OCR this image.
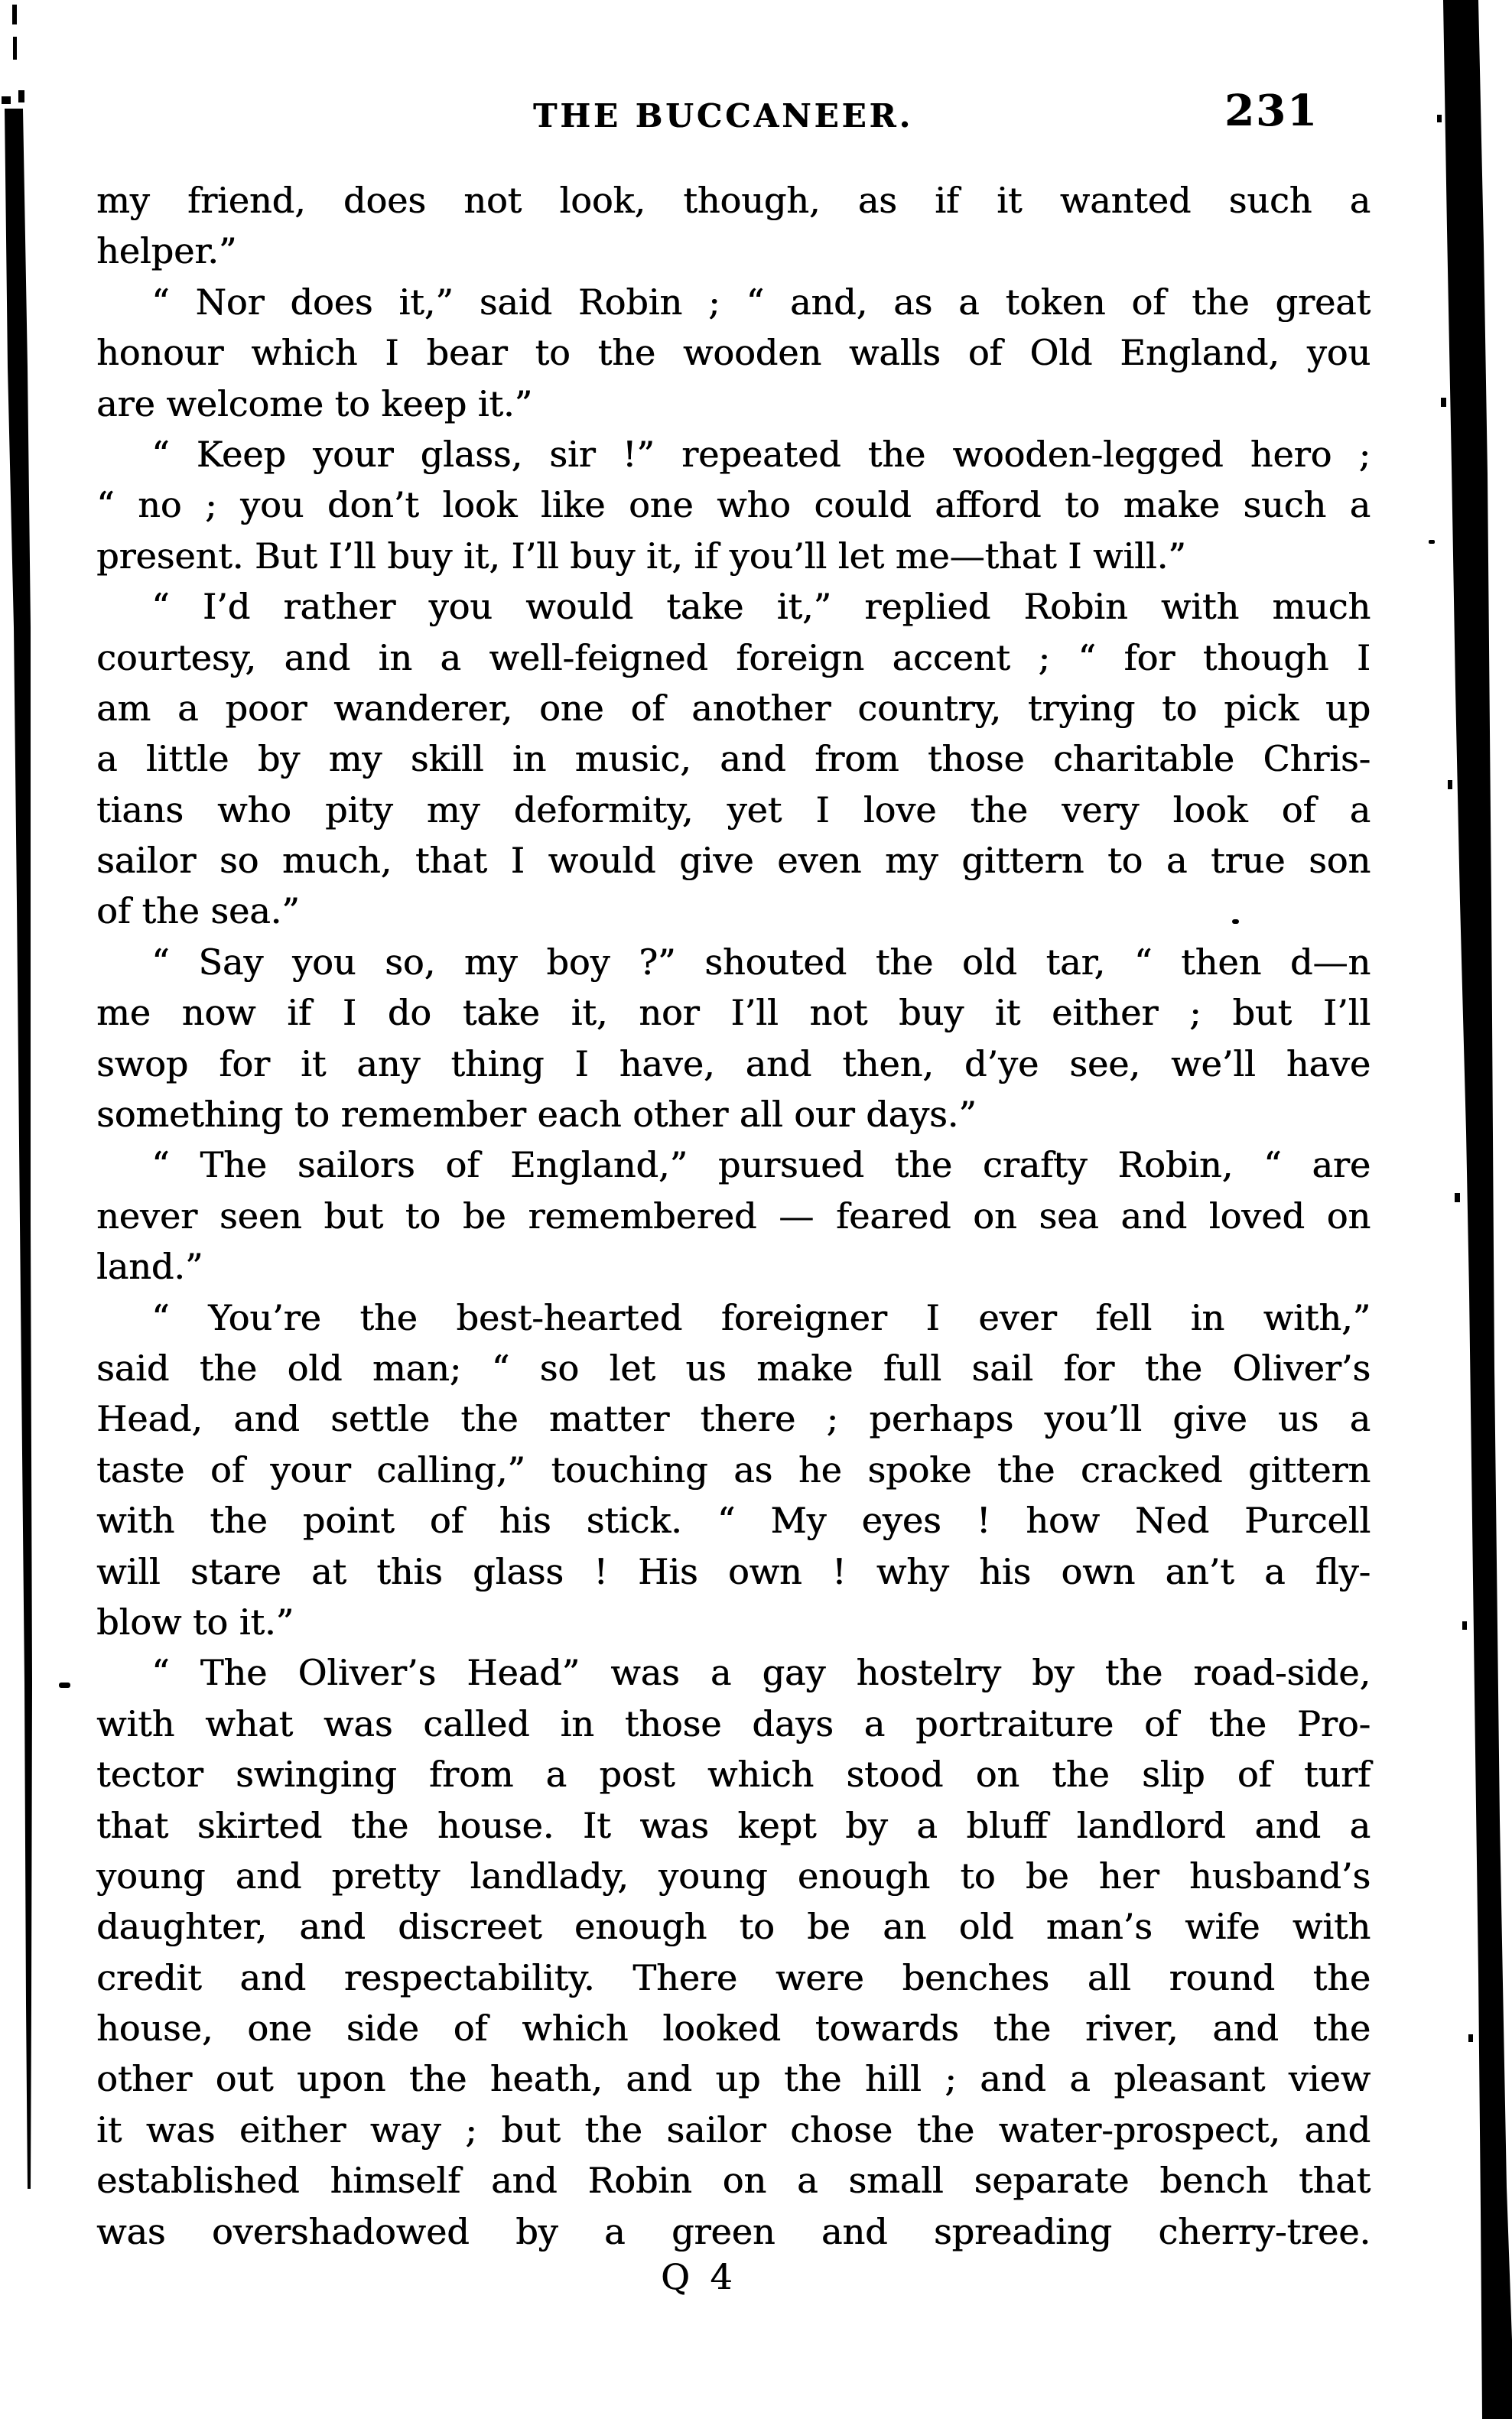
THE BUCCANEER.	231
my friend, does not look, though, as if it wanted such a
helper.”
“ Nor does it,” said Robin ; “ and, as a token of the great
honour which I bear to the wooden walls of Old England, you
are welcome to keep it.”
“ Keep your glass, sir !” repeated the wooden-legged hero ;
“ no ; you don’t look like one who could afford to make such a
present. But I’ll buy it, I’ll buy it, if you’ll let me—that I will.”
“ I’d rather you would take it,” replied Robin with much
courtesy, and in a well-feigned foreign accent ; “ for though I
am a poor wanderer, one of another country, trying to pick up
a little by my skill in music, and from those charitable Chris-
tians who pity my deformity, yet I love the very look of a
sailor so much, that I would give even my gittern to a true son
of the sea.”
“ Say you so, my boy ?” shouted the old tar, “ then d—n
me now if I do take it, nor I’ll not buy it either ; but I’ll
swop for it any thing I have, and then, d’ye see, we’ll have
something to remember each other all our days.”
“ The sailors of England,” pursued the crafty Robin, “ are
never seen but to be remembered — feared on sea and loved on
land.”
“ You’re the best-hearted foreigner I ever fell in with,”
said the old man; “ so let us make full sail for the Oliver’s
Head, and settle the matter there ; perhaps you’ll give us a
taste of your calling,” touching as he spoke the cracked gittern
with the point of his stick. “ My eyes ! how Ned Purcell
will stare at this glass ! His own ! why his own an’t a fly-
blow to it.”
“ The Oliver’s Head” was a gay hostelry by the road-side,
with what was called in those days a portraiture of the Pro-
tector swinging from a post which stood on the slip of turf
that skirted the house. It was kept by a bluff landlord and a
young and pretty landlady, young enough to be her husband’s
daughter, and discreet enough to be an old man’s wife with
credit and respectability. There were benches all round the
house, one side of which looked towards the river, and the
other out upon the heath, and up the hill ; and a pleasant view
it was either way ; but the sailor chose the water-prospect, and
established himself and Robin on a small separate bench that
was overshadowed by a green and spreading cherry-tree.
Q 4
